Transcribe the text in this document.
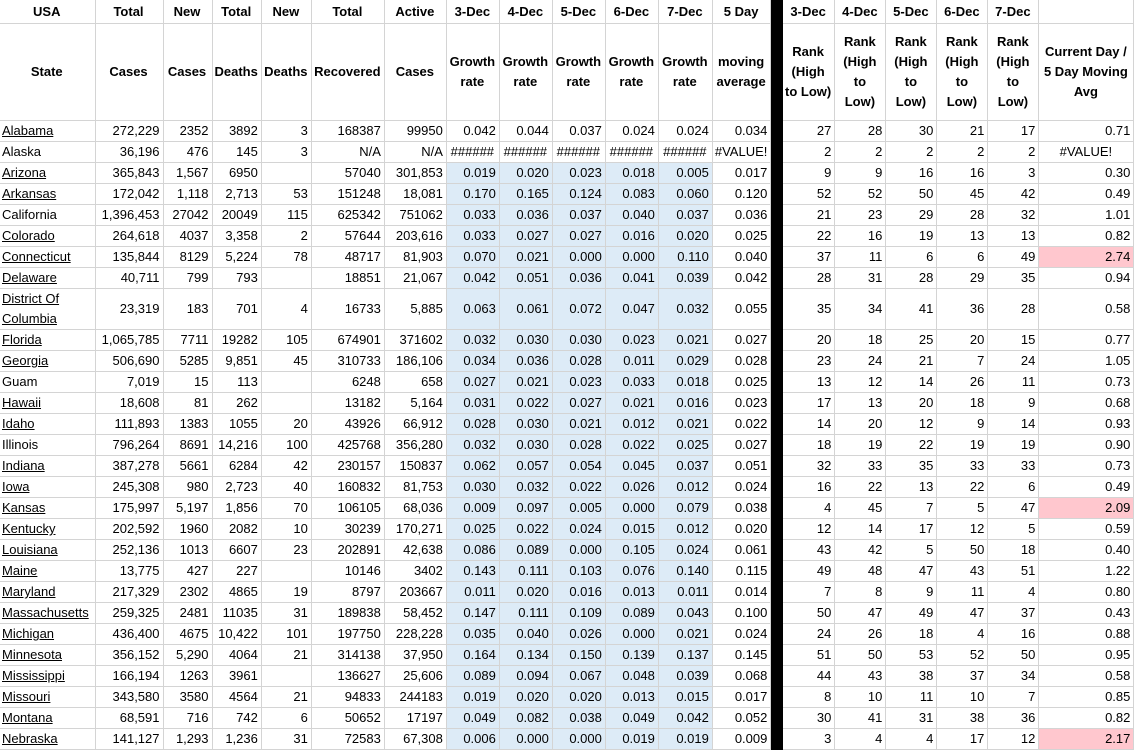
USA	Total	New	Total	New	Total	Active	3-Dec	4-Dec	5-Dec	6-Dec	7-Dec	5 Day		3-Dec	4-Dec	5-Dec	6-Dec	7-Dec	
State	Cases	Cases	Deaths	Deaths	Recovered	Cases	Growth rate	Growth rate	Growth rate	Growth rate	Growth rate	moving average		Rank (High to Low)	Rank (High to Low)	Rank (High to Low)	Rank (High to Low)	Rank (High to Low)	Current Day / 5 Day Moving Avg
Alabama	272,229	2352	3892	3	168387	99950	0.042	0.044	0.037	0.024	0.024	0.034		27	28	30	21	17	0.71
Alaska	36,196	476	145	3	N/A	N/A	######	######	######	######	######	#VALUE!		2	2	2	2	2	#VALUE!
Arizona	365,843	1,567	6950		57040	301,853	0.019	0.020	0.023	0.018	0.005	0.017		9	9	16	16	3	0.30
Arkansas	172,042	1,118	2,713	53	151248	18,081	0.170	0.165	0.124	0.083	0.060	0.120		52	52	50	45	42	0.49
California	1,396,453	27042	20049	115	625342	751062	0.033	0.036	0.037	0.040	0.037	0.036		21	23	29	28	32	1.01
Colorado	264,618	4037	3,358	2	57644	203,616	0.033	0.027	0.027	0.016	0.020	0.025		22	16	19	13	13	0.82
Connecticut	135,844	8129	5,224	78	48717	81,903	0.070	0.021	0.000	0.000	0.110	0.040		37	11	6	6	49	2.74
Delaware	40,711	799	793		18851	21,067	0.042	0.051	0.036	0.041	0.039	0.042		28	31	28	29	35	0.94
District Of Columbia	23,319	183	701	4	16733	5,885	0.063	0.061	0.072	0.047	0.032	0.055		35	34	41	36	28	0.58
Florida	1,065,785	7711	19282	105	674901	371602	0.032	0.030	0.030	0.023	0.021	0.027		20	18	25	20	15	0.77
Georgia	506,690	5285	9,851	45	310733	186,106	0.034	0.036	0.028	0.011	0.029	0.028		23	24	21	7	24	1.05
Guam	7,019	15	113		6248	658	0.027	0.021	0.023	0.033	0.018	0.025		13	12	14	26	11	0.73
Hawaii	18,608	81	262		13182	5,164	0.031	0.022	0.027	0.021	0.016	0.023		17	13	20	18	9	0.68
Idaho	111,893	1383	1055	20	43926	66,912	0.028	0.030	0.021	0.012	0.021	0.022		14	20	12	9	14	0.93
Illinois	796,264	8691	14,216	100	425768	356,280	0.032	0.030	0.028	0.022	0.025	0.027		18	19	22	19	19	0.90
Indiana	387,278	5661	6284	42	230157	150837	0.062	0.057	0.054	0.045	0.037	0.051		32	33	35	33	33	0.73
Iowa	245,308	980	2,723	40	160832	81,753	0.030	0.032	0.022	0.026	0.012	0.024		16	22	13	22	6	0.49
Kansas	175,997	5,197	1,856	70	106105	68,036	0.009	0.097	0.005	0.000	0.079	0.038		4	45	7	5	47	2.09
Kentucky	202,592	1960	2082	10	30239	170,271	0.025	0.022	0.024	0.015	0.012	0.020		12	14	17	12	5	0.59
Louisiana	252,136	1013	6607	23	202891	42,638	0.086	0.089	0.000	0.105	0.024	0.061		43	42	5	50	18	0.40
Maine	13,775	427	227		10146	3402	0.143	0.111	0.103	0.076	0.140	0.115		49	48	47	43	51	1.22
Maryland	217,329	2302	4865	19	8797	203667	0.011	0.020	0.016	0.013	0.011	0.014		7	8	9	11	4	0.80
Massachusetts	259,325	2481	11035	31	189838	58,452	0.147	0.111	0.109	0.089	0.043	0.100		50	47	49	47	37	0.43
Michigan	436,400	4675	10,422	101	197750	228,228	0.035	0.040	0.026	0.000	0.021	0.024		24	26	18	4	16	0.88
Minnesota	356,152	5,290	4064	21	314138	37,950	0.164	0.134	0.150	0.139	0.137	0.145		51	50	53	52	50	0.95
Mississippi	166,194	1263	3961		136627	25,606	0.089	0.094	0.067	0.048	0.039	0.068		44	43	38	37	34	0.58
Missouri	343,580	3580	4564	21	94833	244183	0.019	0.020	0.020	0.013	0.015	0.017		8	10	11	10	7	0.85
Montana	68,591	716	742	6	50652	17197	0.049	0.082	0.038	0.049	0.042	0.052		30	41	31	38	36	0.82
Nebraska	141,127	1,293	1,236	31	72583	67,308	0.006	0.000	0.000	0.019	0.019	0.009		3	4	4	17	12	2.17
